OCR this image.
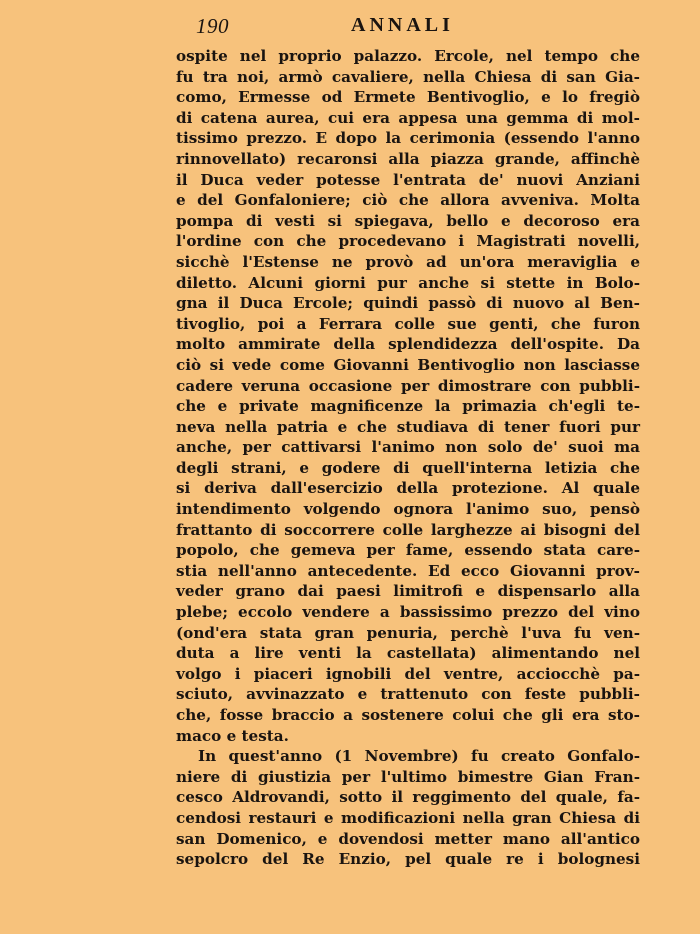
190	ANNALI
ospite nel proprio palazzo. Ercole, nel tempo che
fu tra noi, armò cavaliere, nella Chiesa di san Gia-
como, Ermesse od Ermete Bentivoglio, e lo fregiò
di catena aurea, cui era appesa una gemma di mol-
tissimo prezzo. E dopo la cerimonia (essendo l'anno
rinnovellato) recaronsi alla piazza grande, affinchè
il Duca veder potesse l'entrata de' nuovi Anziani
e del Gonfaloniere; ciò che allora avveniva. Molta
pompa di vesti si spiegava, bello e decoroso era
l'ordine con che procedevano i Magistrati novelli,
sicchè l'Estense ne provò ad un'ora meraviglia e
diletto. Alcuni giorni pur anche si stette in Bolo-
gna il Duca Ercole; quindi passò di nuovo al Ben-
tivoglio, poi a Ferrara colle sue genti, che furon
molto ammirate della splendidezza dell'ospite. Da
ciò si vede come Giovanni Bentivoglio non lasciasse
cadere veruna occasione per dimostrare con pubbli-
che e private magnificenze la primazia ch'egli te-
neva nella patria e che studiava di tener fuori pur
anche, per cattivarsi l'animo non solo de' suoi ma
degli strani, e godere di quell'interna letizia che
si deriva dall'esercizio della protezione. Al quale
intendimento volgendo ognora l'animo suo, pensò
frattanto di soccorrere colle larghezze ai bisogni del
popolo, che gemeva per fame, essendo stata care-
stia nell'anno antecedente. Ed ecco Giovanni prov-
veder grano dai paesi limitrofi e dispensarlo alla
plebe; eccolo vendere a bassissimo prezzo del vino
(ond'era stata gran penuria, perchè l'uva fu ven-
duta a lire venti la castellata) alimentando nel
volgo i piaceri ignobili del ventre, acciocchè pa-
sciuto, avvinazzato e trattenuto con feste pubbli-
che, fosse braccio a sostenere colui che gli era sto-
maco e testa.
In quest'anno (1 Novembre) fu creato Gonfalo-
niere di giustizia per l'ultimo bimestre Gian Fran-
cesco Aldrovandi, sotto il reggimento del quale, fa-
cendosi restauri e modificazioni nella gran Chiesa di
san Domenico, e dovendosi metter mano all'antico
sepolcro del Re Enzio, pel quale re i bolognesi
